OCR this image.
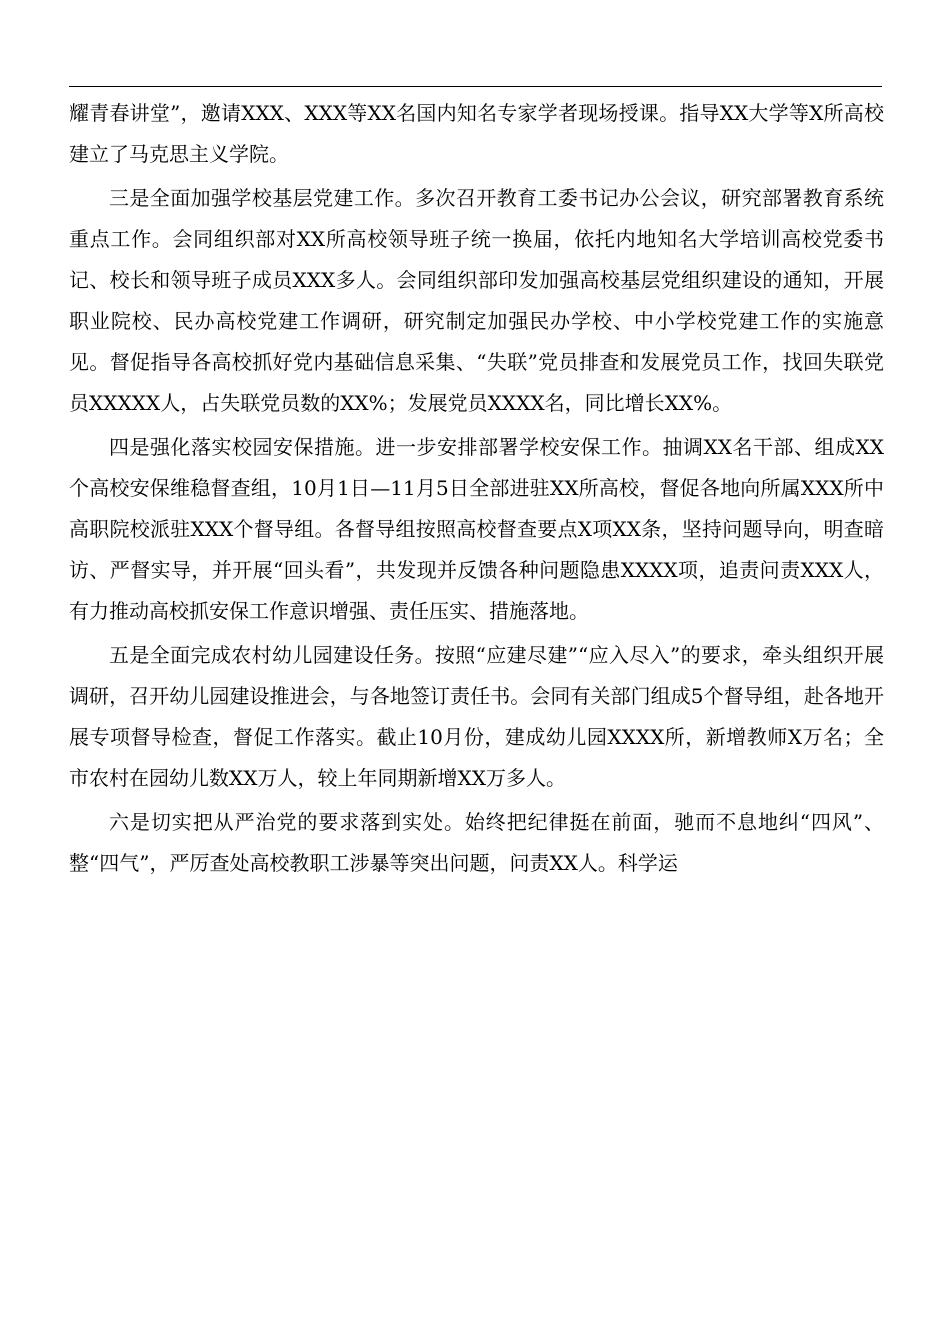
耀青春讲堂”，邀请XXX、XXX等XX名国内知名专家学者现场授课。指导XX大学等X所高校建立了马克思主义学院。

三是全面加强学校基层党建工作。多次召开教育工委书记办公会议，研究部署教育系统重点工作。会同组织部对XX所高校领导班子统一换届，依托内地知名大学培训高校党委书记、校长和领导班子成员XXX多人。会同组织部印发加强高校基层党组织建设的通知，开展职业院校、民办高校党建工作调研，研究制定加强民办学校、中小学校党建工作的实施意见。督促指导各高校抓好党内基础信息采集、“失联”党员排查和发展党员工作，找回失联党员XXXXX人，占失联党员数的XX%；发展党员XXXX名，同比增长XX%。

四是强化落实校园安保措施。进一步安排部署学校安保工作。抽调XX名干部、组成XX个高校安保维稳督查组，10月1日—11月5日全部进驻XX所高校，督促各地向所属XXX所中高职院校派驻XXX个督导组。各督导组按照高校督查要点X项XX条，坚持问题导向，明查暗访、严督实导，并开展“回头看”，共发现并反馈各种问题隐患XXXX项，追责问责XXX人，有力推动高校抓安保工作意识增强、责任压实、措施落地。

五是全面完成农村幼儿园建设任务。按照“应建尽建”“应入尽入”的要求，牵头组织开展调研，召开幼儿园建设推进会，与各地签订责任书。会同有关部门组成5个督导组，赴各地开展专项督导检查，督促工作落实。截止10月份，建成幼儿园XXXX所，新增教师X万名；全市农村在园幼儿数XX万人，较上年同期新增XX万多人。

六是切实把从严治党的要求落到实处。始终把纪律挺在前面，驰而不息地纠“四风”、整“四气”，严厉查处高校教职工涉暴等突出问题，问责XX人。科学运
